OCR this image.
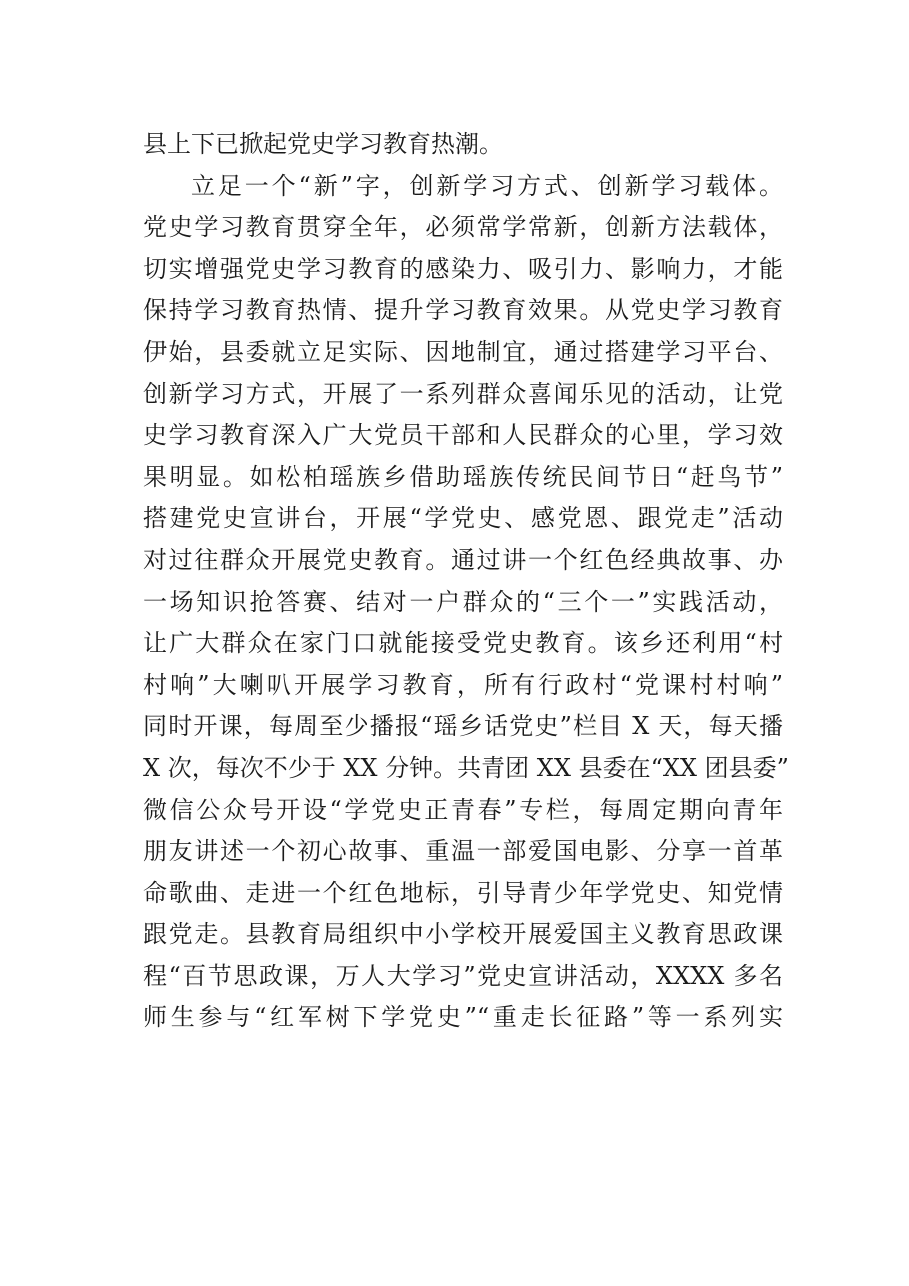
县上下已掀起党史学习教育热潮。
立足一个“新”字，创新学习方式、创新学习载体。
党史学习教育贯穿全年，必须常学常新，创新方法载体，
切实增强党史学习教育的感染力、吸引力、影响力，才能
保持学习教育热情、提升学习教育效果。从党史学习教育
伊始，县委就立足实际、因地制宜，通过搭建学习平台、
创新学习方式，开展了一系列群众喜闻乐见的活动，让党
史学习教育深入广大党员干部和人民群众的心里，学习效
果明显。如松柏瑶族乡借助瑶族传统民间节日“赶鸟节”
搭建党史宣讲台，开展“学党史、感党恩、跟党走”活动
对过往群众开展党史教育。通过讲一个红色经典故事、办
一场知识抢答赛、结对一户群众的“三个一”实践活动，
让广大群众在家门口就能接受党史教育。该乡还利用“村
村响”大喇叭开展学习教育，所有行政村“党课村村响”
同时开课，每周至少播报“瑶乡话党史”栏目 X 天，每天播
X 次，每次不少于 XX 分钟。共青团 XX 县委在“XX 团县委”
微信公众号开设“学党史正青春”专栏，每周定期向青年
朋友讲述一个初心故事、重温一部爱国电影、分享一首革
命歌曲、走进一个红色地标，引导青少年学党史、知党情
跟党走。县教育局组织中小学校开展爱国主义教育思政课
程“百节思政课，万人大学习”党史宣讲活动，XXXX 多名
师生参与“红军树下学党史”“重走长征路”等一系列实
